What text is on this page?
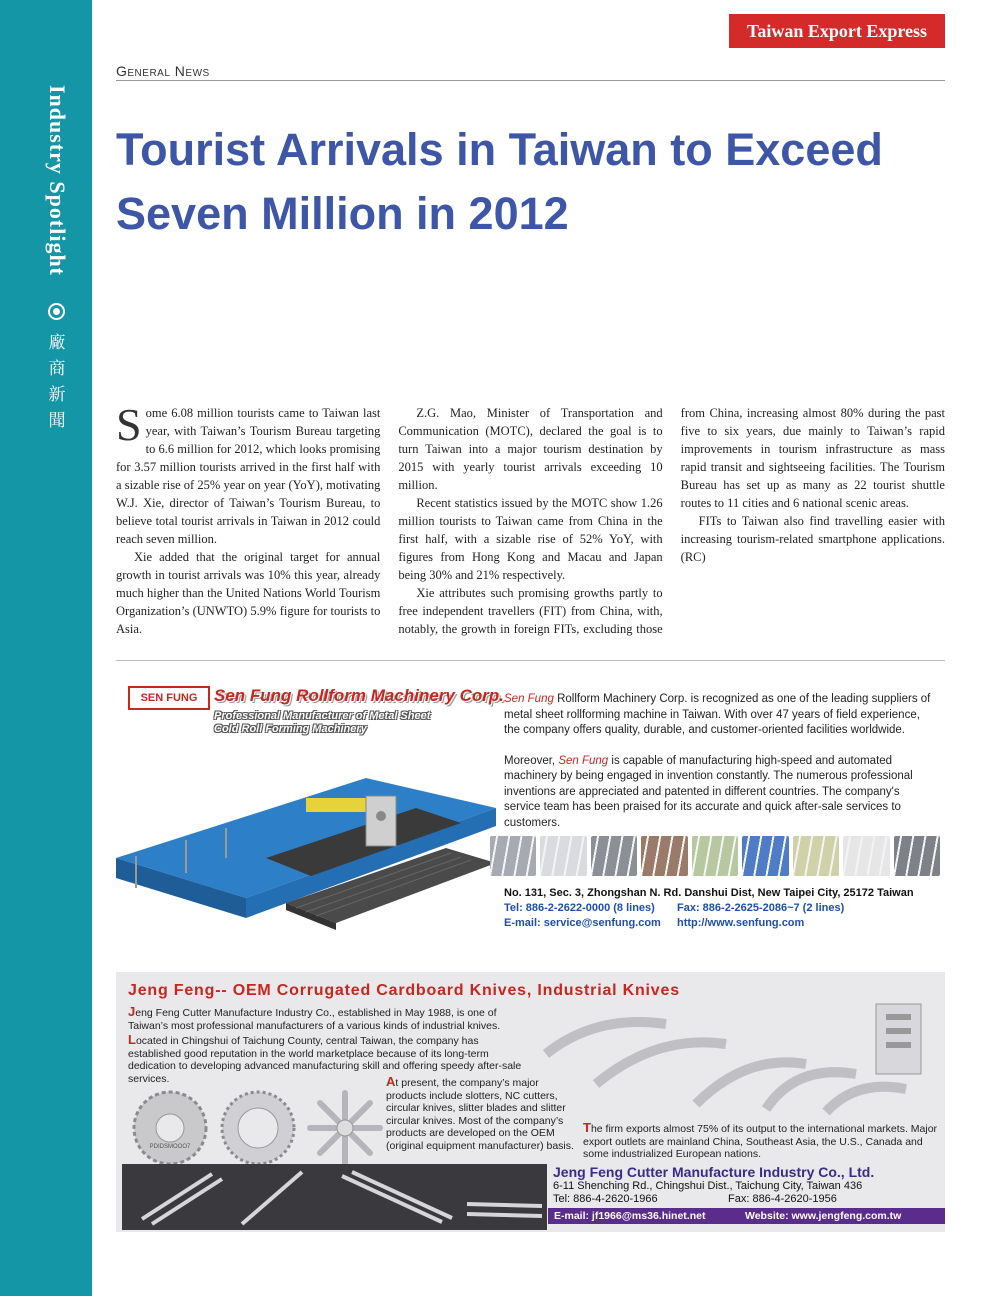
Industry Spotlight
廠
商
新
聞
Taiwan Export Express
General News
Tourist Arrivals in Taiwan to Exceed
Seven Million in 2012

Some 6.08 million tourists came to Taiwan last year, with Taiwan’s Tourism Bureau targeting to 6.6 million for 2012, which looks promising for 3.57 million tourists arrived in the first half with a sizable rise of 25% year on year (YoY), motivating W.J. Xie, director of Taiwan’s Tourism Bureau, to believe total tourist arrivals in Taiwan in 2012 could reach seven million.

Xie added that the original target for annual growth in tourist arrivals was 10% this year, already much higher than the United Nations World Tourism Organization’s (UNWTO) 5.9% figure for tourists to Asia.

Z.G. Mao, Minister of Transportation and Communication (MOTC), declared the goal is to turn Taiwan into a major tourism destination by 2015 with yearly tourist arrivals exceeding 10 million.

Recent statistics issued by the MOTC show 1.26 million tourists to Taiwan came from China in the first half, with a sizable rise of 52% YoY, with figures from Hong Kong and Macau and Japan being 30% and 21% respectively.

Xie attributes such promising growths partly to free independent travellers (FIT) from China, with, notably, the growth in foreign FITs, excluding those from China, increasing almost 80% during the past five to six years, due mainly to Taiwan’s rapid improvements in tourism infrastructure as mass rapid transit and sightseeing facilities. The Tourism Bureau has set up as many as 22 tourist shuttle routes to 11 cities and 6 national scenic areas.

FITs to Taiwan also find travelling easier with increasing tourism-related smartphone applications. (RC)

SEN FUNG Sen Fung Rollform Machinery Corp.
Professional Manufacturer of Metal Sheet
Cold Roll Forming Machinery

Sen Fung Rollform Machinery Corp. is recognized as one of the leading suppliers of metal sheet rollforming machine in Taiwan. With over 47 years of field experience, the company offers quality, durable, and customer-oriented facilities worldwide.

Moreover, Sen Fung is capable of manufacturing high-speed and automated machinery by being engaged in invention constantly. The numerous professional inventions are appreciated and patented in different countries. The company's service team has been praised for its accurate and quick after-sale services to customers.

No. 131, Sec. 3, Zhongshan N. Rd. Danshui Dist, New Taipei City, 25172 Taiwan
Tel: 886-2-2622-0000 (8 lines)	Fax: 886-2-2625-2086~7 (2 lines)
E-mail: service@senfung.com	http://www.senfung.com
Jeng Feng-- OEM Corrugated Cardboard Knives, Industrial Knives

Jeng Feng Cutter Manufacture Industry Co., established in May 1988, is one of Taiwan’s most professional manufacturers of a various kinds of industrial knives.

Located in Chingshui of Taichung County, central Taiwan, the company has established good reputation in the world marketplace because of its long-term dedication to developing advanced manufacturing skill and offering speedy after-sale services.	At present, the company’s major products include slotters, NC cutters, circular knives, slitter blades and slitter circular knives. Most of the company’s products are developed on the OEM (original equipment manufacturer) basis.

The firm exports almost 75% of its output to the international markets. Major export outlets are mainland China, Southeast Asia, the U.S., Canada and some industrialized European nations.

PDIDSMOOO7
Jeng Feng Cutter Manufacture Industry Co., Ltd.
6-11 Shenching Rd., Chingshui Dist., Taichung City, Taiwan 436
Tel: 886-4-2620-1966	Fax: 886-4-2620-1956
E-mail: jf1966@ms36.hinet.net	Website: www.jengfeng.com.tw
